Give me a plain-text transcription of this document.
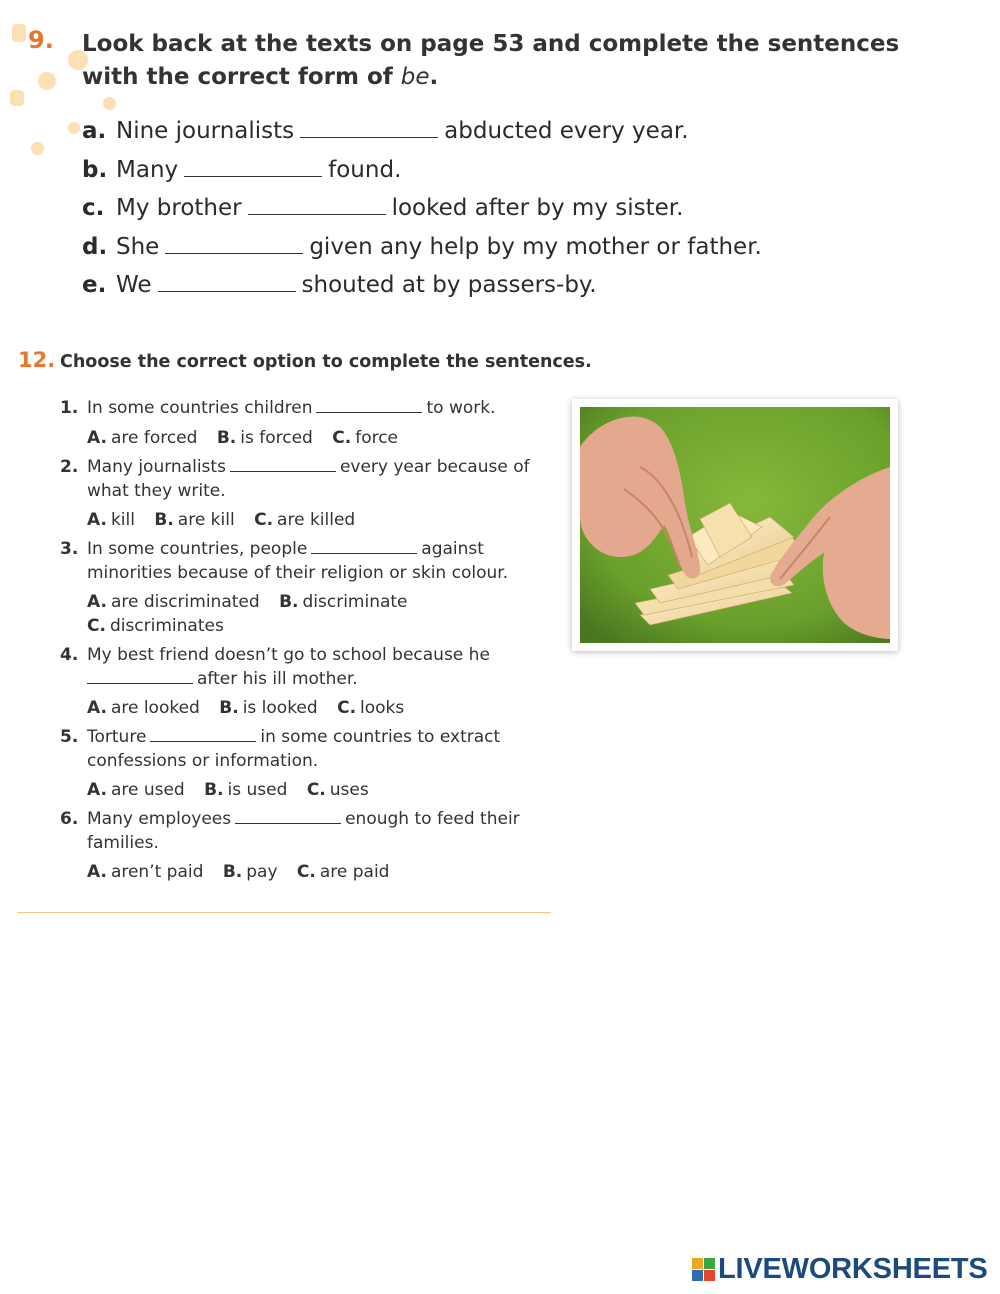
9. Look back at the texts on page 53 and complete the sentences with the correct form of be.
a. Nine journalists	abducted every year.
b. Many	found.
c. My brother	looked after by my sister.
d. She	given any help by my mother or father.
e. We	shouted at by passers-by.
12. Choose the correct option to complete the sentences.
1. In some countries children	to work.
A. are forced B. is forced C. force
2. Many journalists	every year because of what they write.
A. kill B. are kill C. are killed
3. In some countries, people	against minorities because of their religion or skin colour.
A. are discriminated B. discriminate
C. discriminates
4. My best friend doesn’t go to school because he
after his ill mother.
A. are looked B. is looked C. looks
5. Torture	in some countries to extract confessions or information.
A. are used B. is used C. uses
6. Many employees	enough to feed their families.
A. aren’t paid B. pay C. are paid
LIVEWORKSHEETS
